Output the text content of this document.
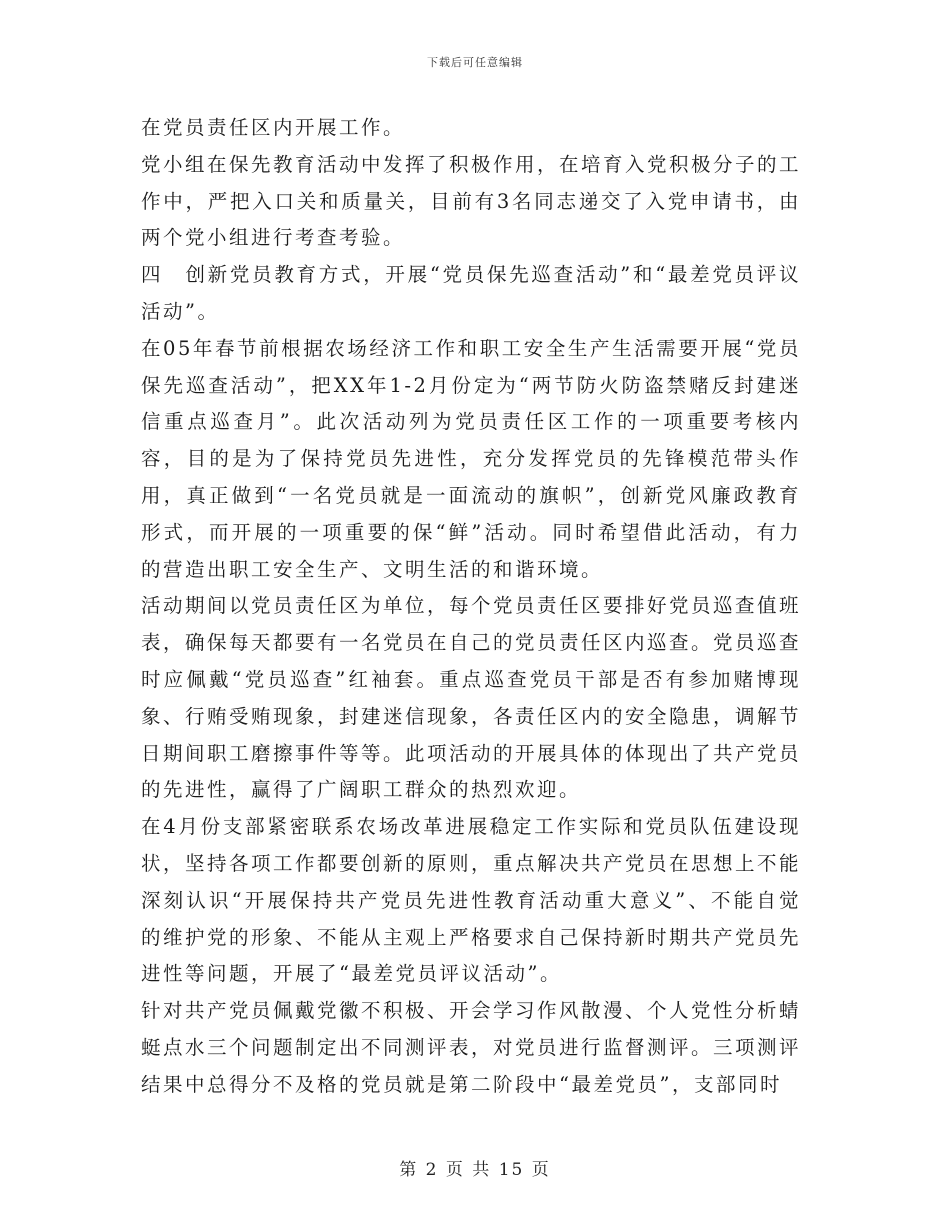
下载后可任意编辑

在党员责任区内开展工作。

党小组在保先教育活动中发挥了积极作用，在培育入党积极分子的工作中，严把入口关和质量关，目前有3名同志递交了入党申请书，由两个党小组进行考查考验。

四　创新党员教育方式，开展“党员保先巡查活动”和“最差党员评议活动”。

在05年春节前根据农场经济工作和职工安全生产生活需要开展“党员保先巡查活动”，把XX年1-2月份定为“两节防火防盗禁赌反封建迷信重点巡查月”。此次活动列为党员责任区工作的一项重要考核内容，目的是为了保持党员先进性，充分发挥党员的先锋模范带头作用，真正做到“一名党员就是一面流动的旗帜”，创新党风廉政教育形式，而开展的一项重要的保“鲜”活动。同时希望借此活动，有力的营造出职工安全生产、文明生活的和谐环境。

活动期间以党员责任区为单位，每个党员责任区要排好党员巡查值班表，确保每天都要有一名党员在自己的党员责任区内巡查。党员巡查时应佩戴“党员巡查”红袖套。重点巡查党员干部是否有参加赌博现象、行贿受贿现象，封建迷信现象，各责任区内的安全隐患，调解节日期间职工磨擦事件等等。此项活动的开展具体的体现出了共产党员的先进性，赢得了广阔职工群众的热烈欢迎。

在4月份支部紧密联系农场改革进展稳定工作实际和党员队伍建设现状，坚持各项工作都要创新的原则，重点解决共产党员在思想上不能深刻认识“开展保持共产党员先进性教育活动重大意义”、不能自觉的维护党的形象、不能从主观上严格要求自己保持新时期共产党员先进性等问题，开展了“最差党员评议活动”。

针对共产党员佩戴党徽不积极、开会学习作风散漫、个人党性分析蜻蜓点水三个问题制定出不同测评表，对党员进行监督测评。三项测评结果中总得分不及格的党员就是第二阶段中“最差党员”，支部同时

第 2 页 共 15 页
